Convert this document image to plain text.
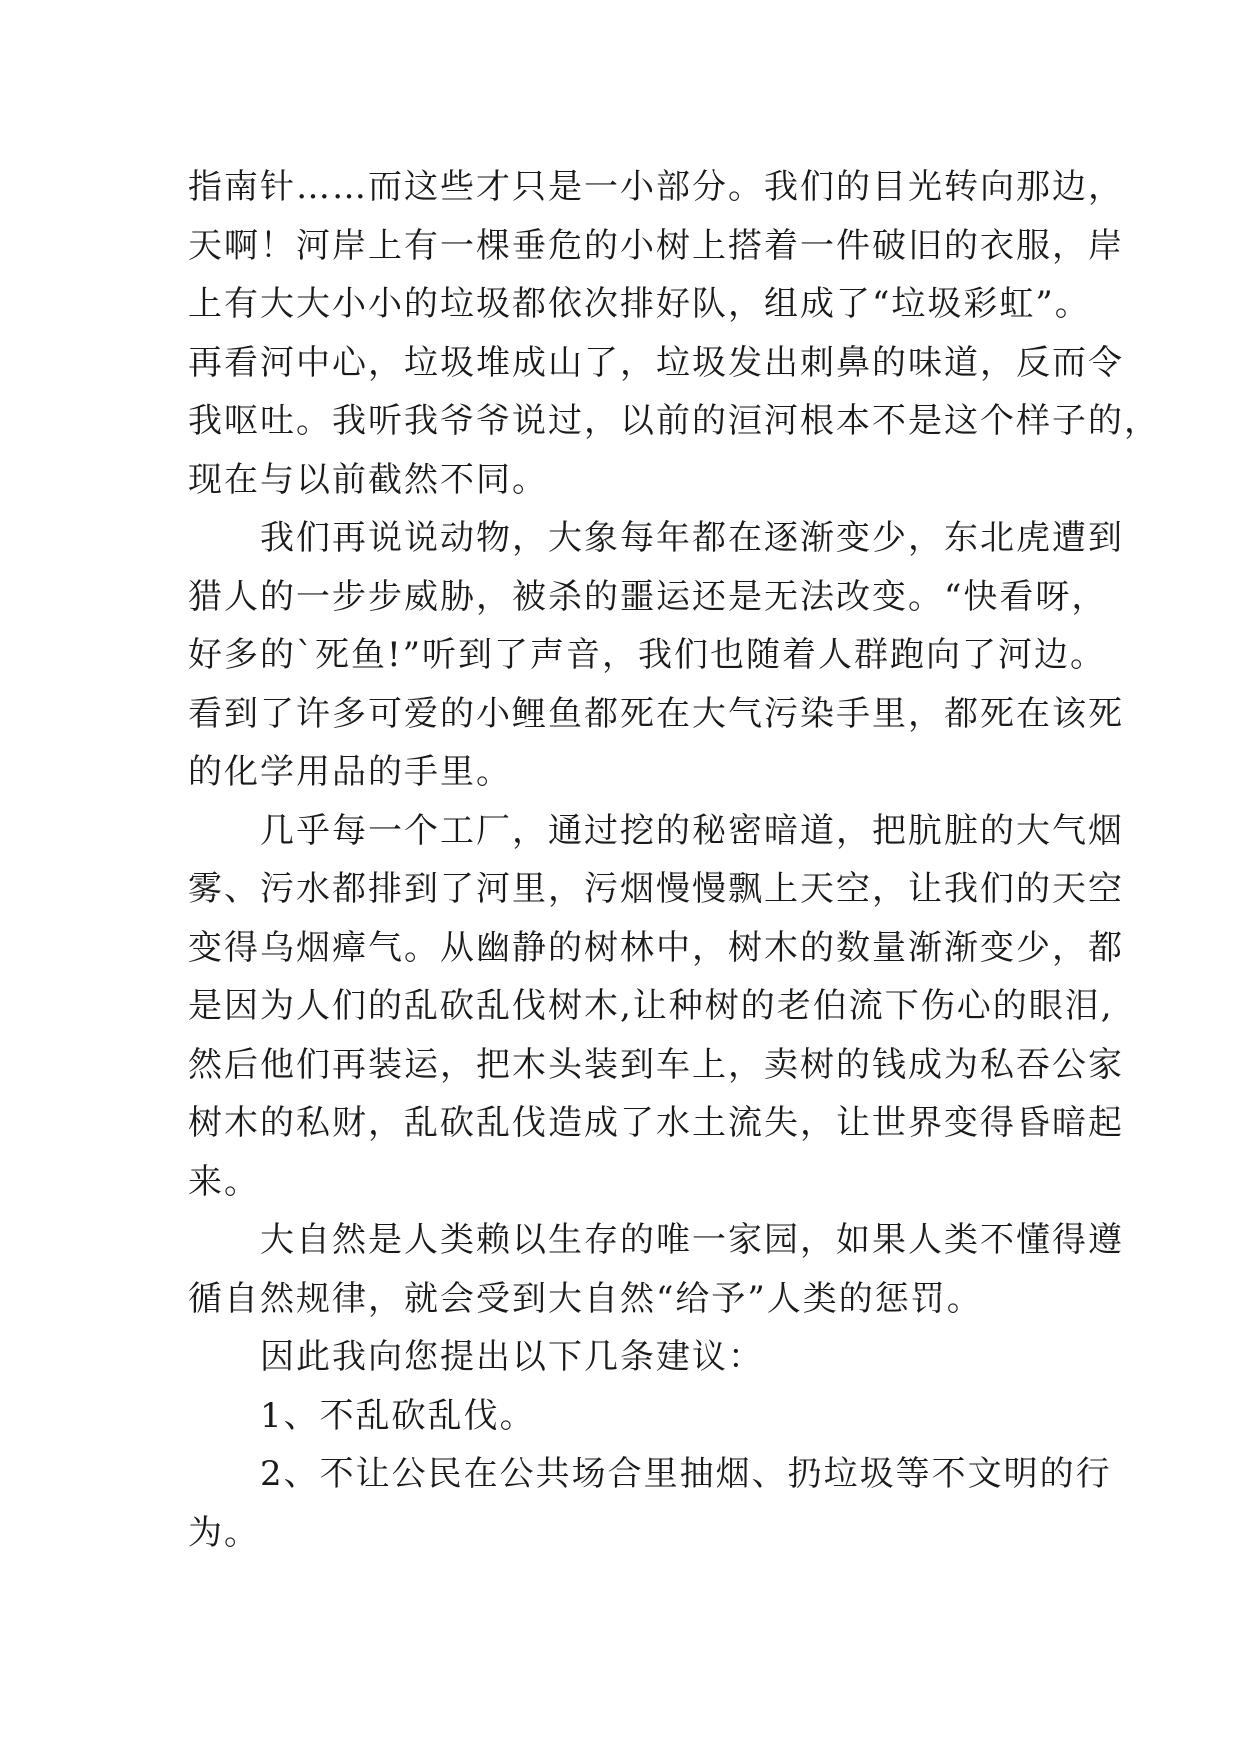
指南针……而这些才只是一小部分。我们的目光转向那边，
天啊！河岸上有一棵垂危的小树上搭着一件破旧的衣服，岸
上有大大小小的垃圾都依次排好队，组成了“垃圾彩虹”。
再看河中心，垃圾堆成山了，垃圾发出刺鼻的味道，反而令
我呕吐。我听我爷爷说过，以前的洹河根本不是这个样子的，
现在与以前截然不同。
　　我们再说说动物，大象每年都在逐渐变少，东北虎遭到
猎人的一步步威胁，被杀的噩运还是无法改变。“快看呀，
好多的`死鱼!”听到了声音，我们也随着人群跑向了河边。
看到了许多可爱的小鲤鱼都死在大气污染手里，都死在该死
的化学用品的手里。
　　几乎每一个工厂，通过挖的秘密暗道，把肮脏的大气烟
雾、污水都排到了河里，污烟慢慢飘上天空，让我们的天空
变得乌烟瘴气。从幽静的树林中，树木的数量渐渐变少，都
是因为人们的乱砍乱伐树木,让种树的老伯流下伤心的眼泪,
然后他们再装运，把木头装到车上，卖树的钱成为私吞公家
树木的私财，乱砍乱伐造成了水土流失，让世界变得昏暗起
来。
　　大自然是人类赖以生存的唯一家园，如果人类不懂得遵
循自然规律，就会受到大自然“给予”人类的惩罚。
　　因此我向您提出以下几条建议：
　　1、不乱砍乱伐。
　　2、不让公民在公共场合里抽烟、扔垃圾等不文明的行
为。
